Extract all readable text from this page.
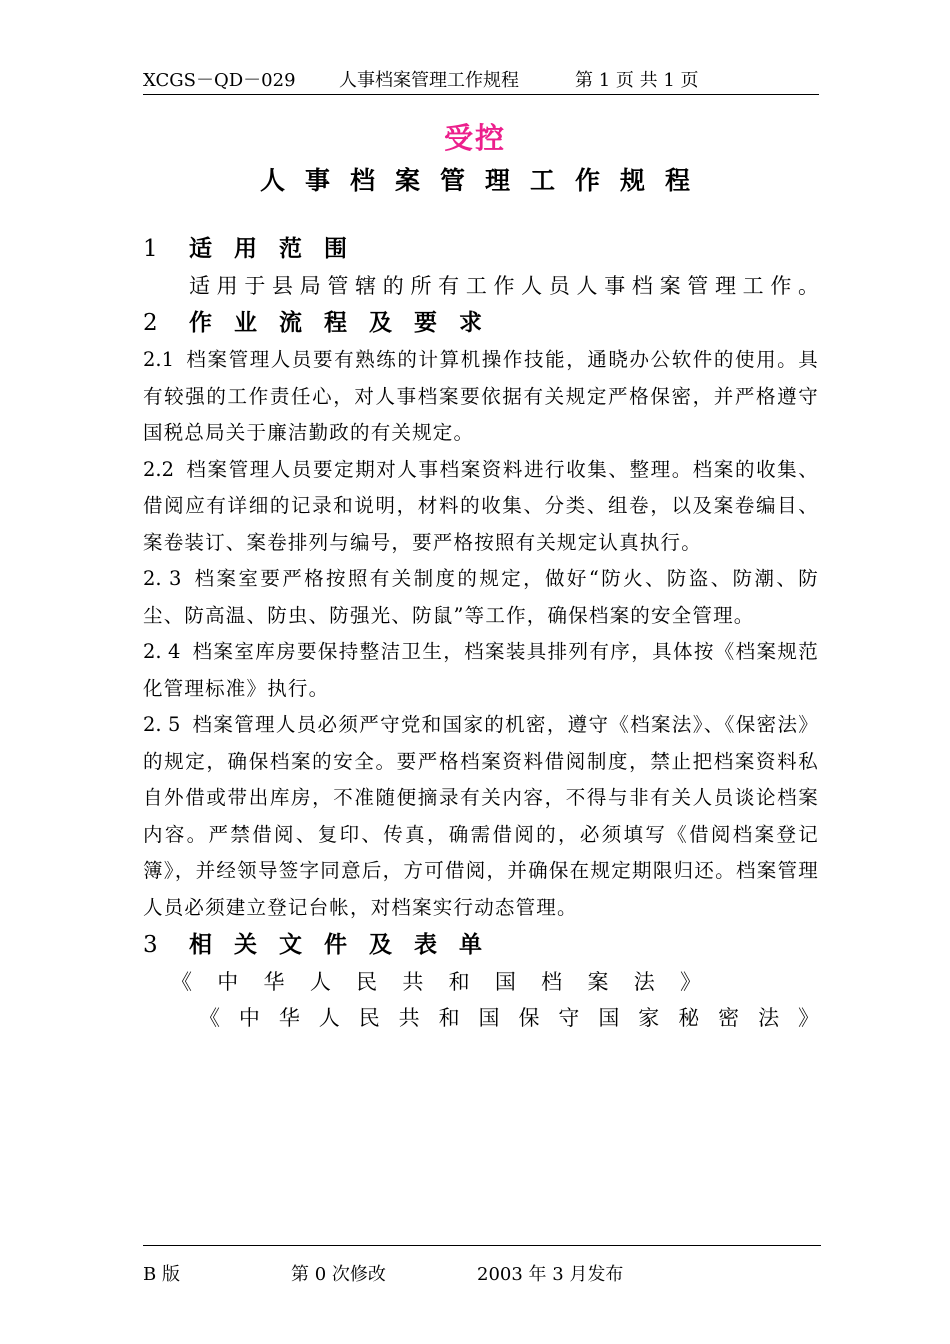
XCGS－QD－029 人事档案管理工作规程	第 1 页 共 1 页
受控
人事档案管理工作规程
1 适用范围
适用于县局管辖的所有工作人员人事档案管理工作。
2 作业流程及要求

2.1 档案管理人员要有熟练的计算机操作技能，通晓办公软件的使用。具有较强的工作责任心，对人事档案要依据有关规定严格保密，并严格遵守国税总局关于廉洁勤政的有关规定。

2.2 档案管理人员要定期对人事档案资料进行收集、整理。档案的收集、借阅应有详细的记录和说明，材料的收集、分类、组卷，以及案卷编目、案卷装订、案卷排列与编号，要严格按照有关规定认真执行。

2. 3 档案室要严格按照有关制度的规定，做好“防火、防盗、防潮、防尘、防高温、防虫、防强光、防鼠”等工作，确保档案的安全管理。

2. 4 档案室库房要保持整洁卫生，档案装具排列有序，具体按《档案规范化管理标准》执行。

2. 5 档案管理人员必须严守党和国家的机密，遵守《档案法》、《保密法》的规定，确保档案的安全。要严格档案资料借阅制度，禁止把档案资料私自外借或带出库房，不准随便摘录有关内容，不得与非有关人员谈论档案内容。严禁借阅、复印、传真，确需借阅的，必须填写《借阅档案登记簿》，并经领导签字同意后，方可借阅，并确保在规定期限归还。档案管理人员必须建立登记台帐，对档案实行动态管理。

3 相关文件及表单
《中华人民共和国档案法》
《中华人民共和国保守国家秘密法》
B 版	第 0 次修改	2003 年 3 月发布
